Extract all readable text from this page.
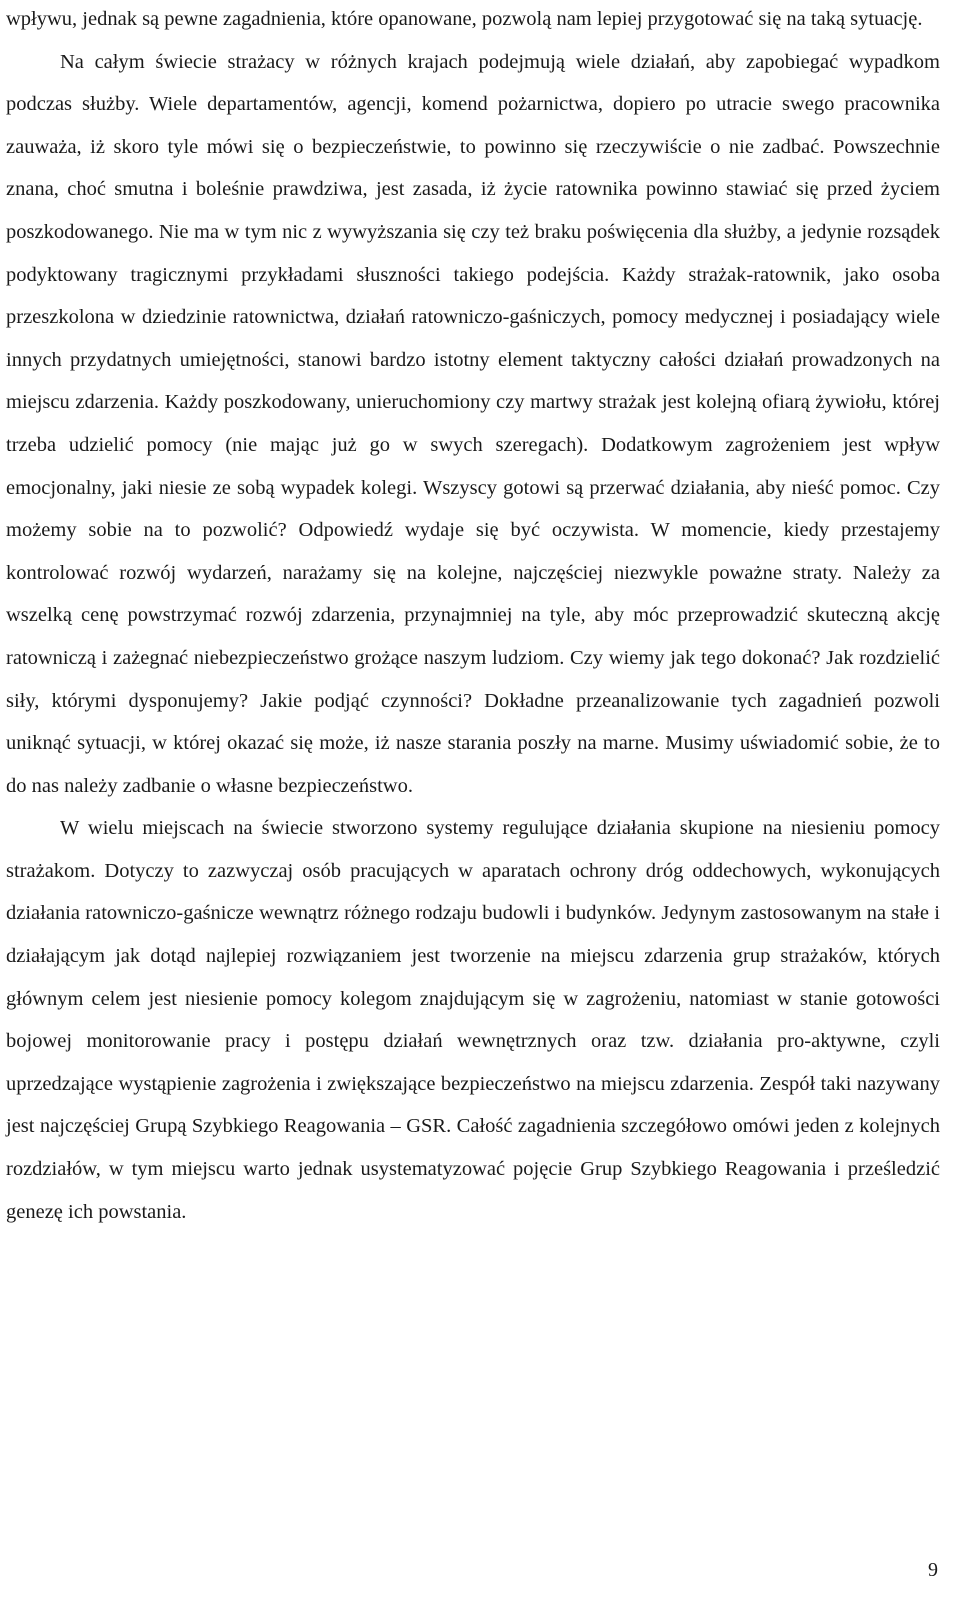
wpływu, jednak są pewne zagadnienia, które opanowane, pozwolą nam lepiej przygotować się na taką sytuację.

Na całym świecie strażacy w różnych krajach podejmują wiele działań, aby zapobiegać wypadkom podczas służby. Wiele departamentów, agencji, komend pożarnictwa, dopiero po utracie swego pracownika zauważa, iż skoro tyle mówi się o bezpieczeństwie, to powinno się rzeczywiście o nie zadbać. Powszechnie znana, choć smutna i boleśnie prawdziwa, jest zasada, iż życie ratownika powinno stawiać się przed życiem poszkodowanego. Nie ma w tym nic z wywyższania się czy też braku poświęcenia dla służby, a jedynie rozsądek podyktowany tragicznymi przykładami słuszności takiego podejścia. Każdy strażak-ratownik, jako osoba przeszkolona w dziedzinie ratownictwa, działań ratowniczo-gaśniczych, pomocy medycznej i posiadający wiele innych przydatnych umiejętności, stanowi bardzo istotny element taktyczny całości działań prowadzonych na miejscu zdarzenia. Każdy poszkodowany, unieruchomiony czy martwy strażak jest kolejną ofiarą żywiołu, której trzeba udzielić pomocy (nie mając już go w swych szeregach). Dodatkowym zagrożeniem jest wpływ emocjonalny, jaki niesie ze sobą wypadek kolegi. Wszyscy gotowi są przerwać działania, aby nieść pomoc. Czy możemy sobie na to pozwolić? Odpowiedź wydaje się być oczywista. W momencie, kiedy przestajemy kontrolować rozwój wydarzeń, narażamy się na kolejne, najczęściej niezwykle poważne straty. Należy za wszelką cenę powstrzymać rozwój zdarzenia, przynajmniej na tyle, aby móc przeprowadzić skuteczną akcję ratowniczą i zażegnać niebezpieczeństwo grożące naszym ludziom. Czy wiemy jak tego dokonać? Jak rozdzielić siły, którymi dysponujemy? Jakie podjąć czynności? Dokładne przeanalizowanie tych zagadnień pozwoli uniknąć sytuacji, w której okazać się może, iż nasze starania poszły na marne. Musimy uświadomić sobie, że to do nas należy zadbanie o własne bezpieczeństwo.

W wielu miejscach na świecie stworzono systemy regulujące działania skupione na niesieniu pomocy strażakom. Dotyczy to zazwyczaj osób pracujących w aparatach ochrony dróg oddechowych, wykonujących działania ratowniczo-gaśnicze wewnątrz różnego rodzaju budowli i budynków. Jedynym zastosowanym na stałe i działającym jak dotąd najlepiej rozwiązaniem jest tworzenie na miejscu zdarzenia grup strażaków, których głównym celem jest niesienie pomocy kolegom znajdującym się w zagrożeniu, natomiast w stanie gotowości bojowej monitorowanie pracy i postępu działań wewnętrznych oraz tzw. działania pro-aktywne, czyli uprzedzające wystąpienie zagrożenia i zwiększające bezpieczeństwo na miejscu zdarzenia. Zespół taki nazywany jest najczęściej Grupą Szybkiego Reagowania – GSR. Całość zagadnienia szczegółowo omówi jeden z kolejnych rozdziałów, w tym miejscu warto jednak usystematyzować pojęcie Grup Szybkiego Reagowania i prześledzić genezę ich powstania.

9
